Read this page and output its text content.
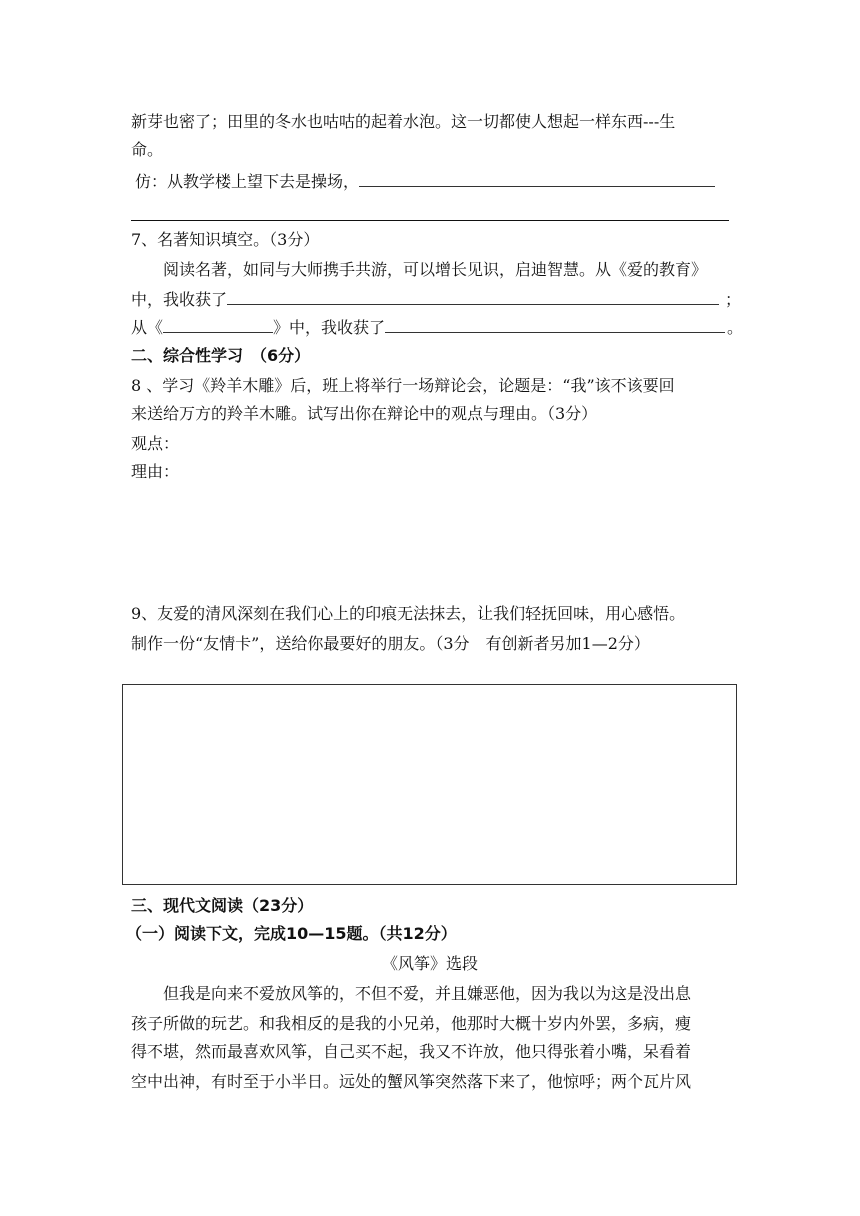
新芽也密了；田里的冬水也咕咕的起着水泡。这一切都使人想起一样东西---生
命。
仿：从教学楼上望下去是操场，
7、名著知识填空。（3分）
阅读名著，如同与大师携手共游，可以增长见识，启迪智慧。从《爱的教育》
中，我收获了	；
从《	》中，我收获了	。
二、综合性学习　（6分）
8 、学习《羚羊木雕》后，班上将举行一场辩论会，论题是：“我”该不该要回
来送给万方的羚羊木雕。试写出你在辩论中的观点与理由。（3分）
观点：
理由：
9、友爱的清风深刻在我们心上的印痕无法抹去，让我们轻抚回味，用心感悟。
制作一份“友情卡”，送给你最要好的朋友。（3分　有创新者另加1—2分）
三、现代文阅读（23分）
（一）阅读下文，完成10—15题。（共12分）
《风筝》选段
但我是向来不爱放风筝的，不但不爱，并且嫌恶他，因为我以为这是没出息
孩子所做的玩艺。和我相反的是我的小兄弟，他那时大概十岁内外罢，多病，瘦
得不堪，然而最喜欢风筝，自己买不起，我又不许放，他只得张着小嘴，呆看着
空中出神，有时至于小半日。远处的蟹风筝突然落下来了，他惊呼；两个瓦片风
